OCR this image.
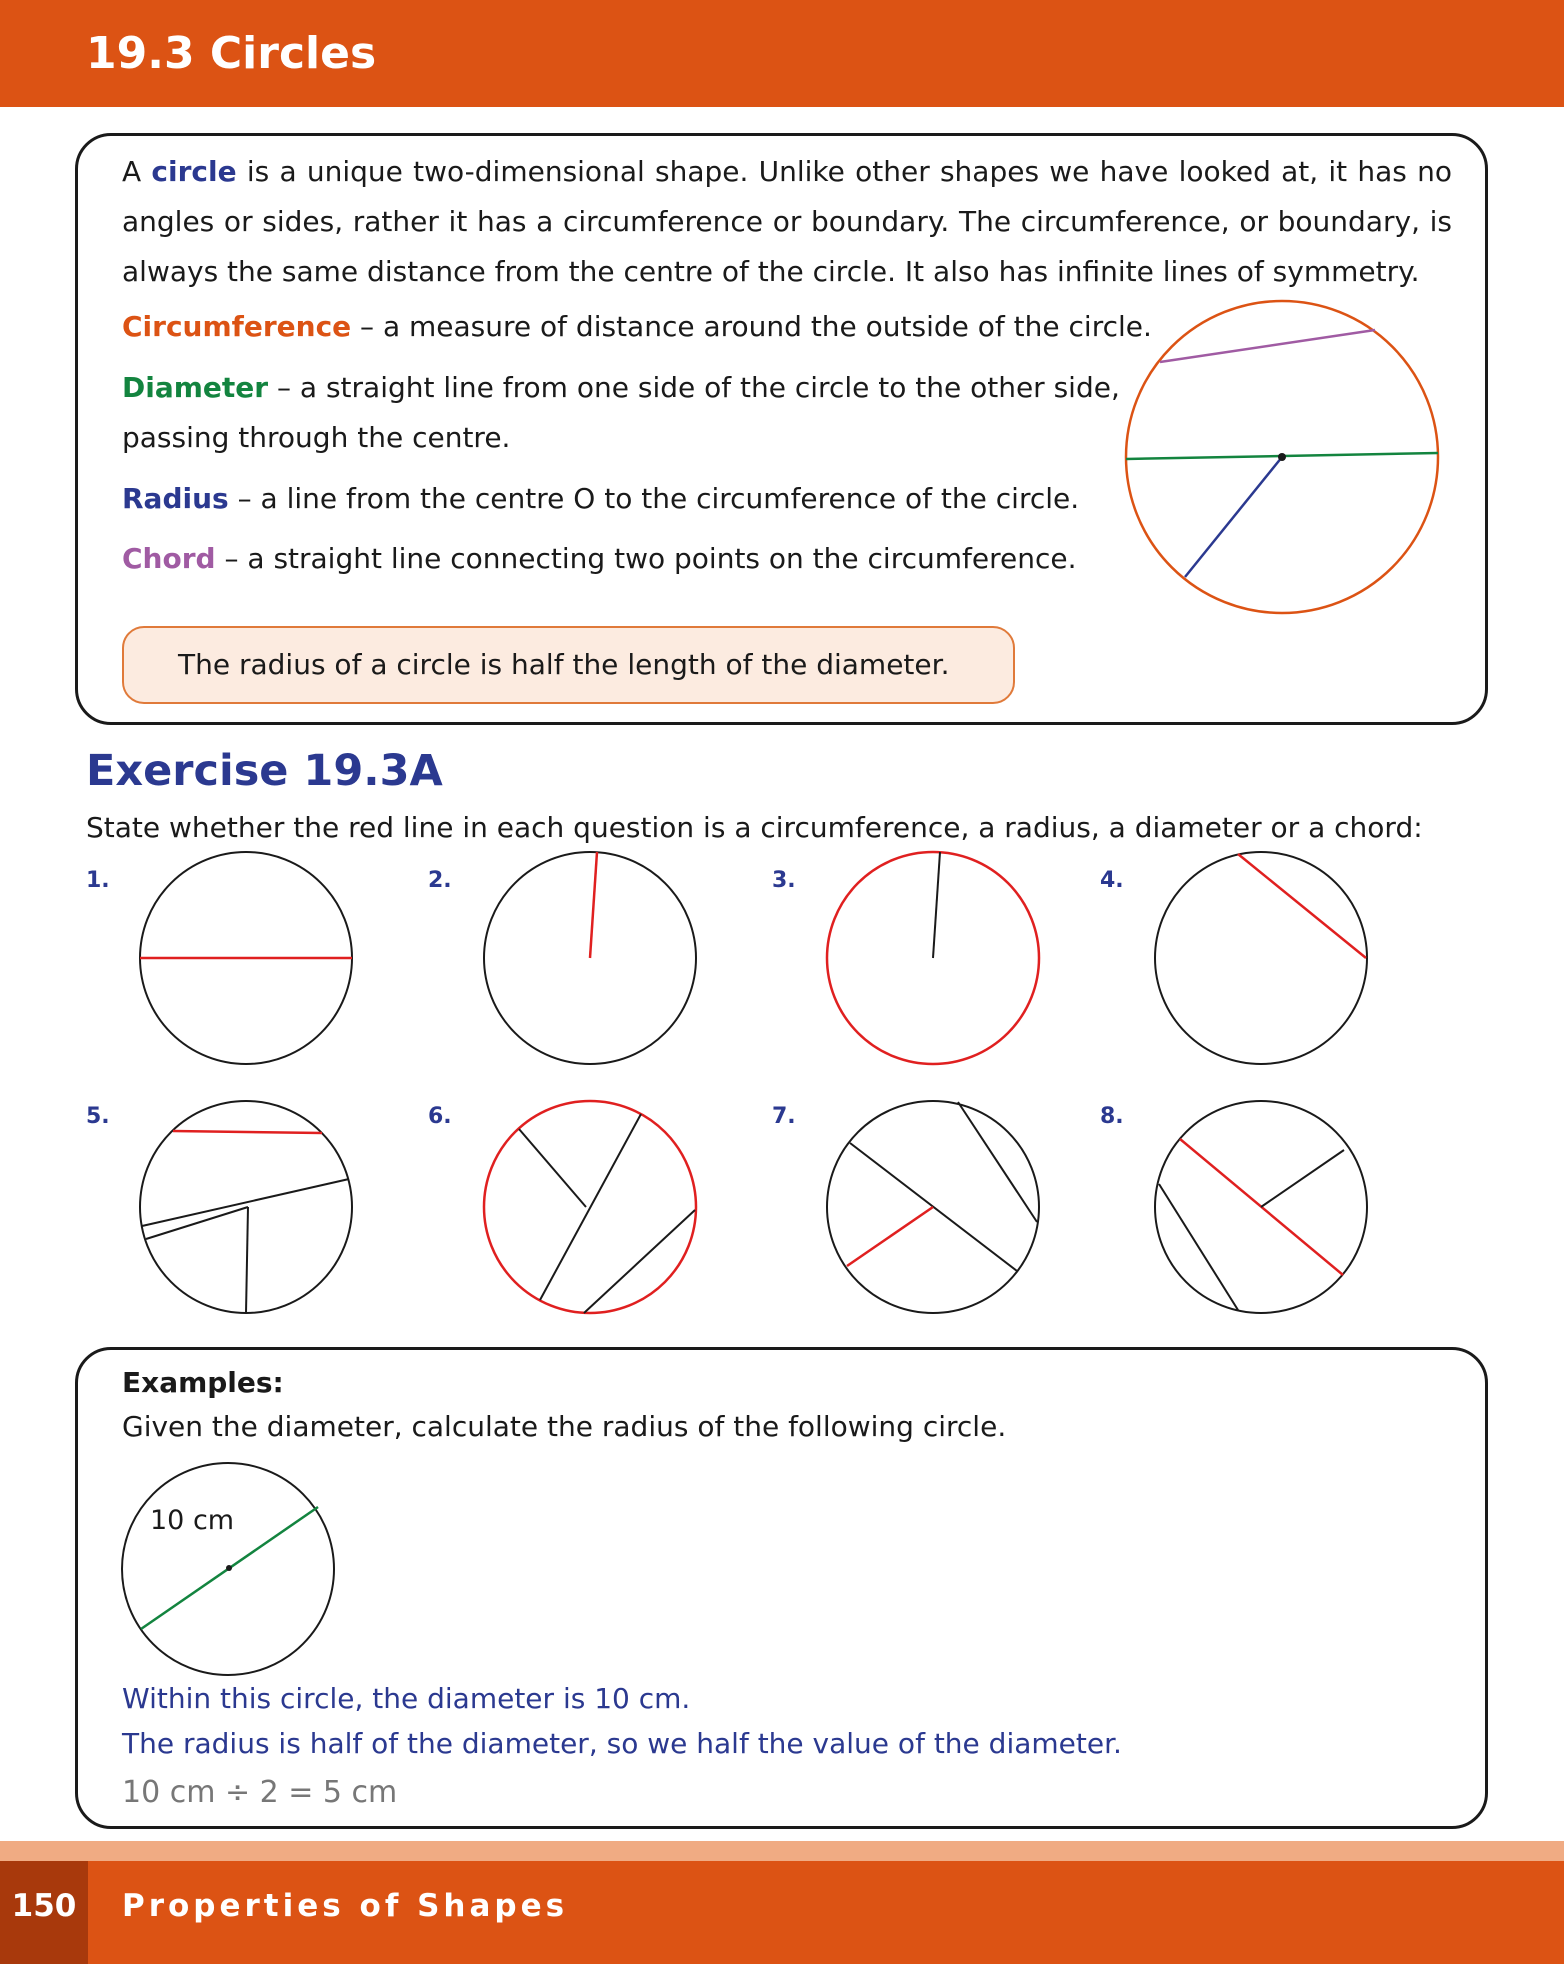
19.3 Circles

A circle is a unique two-dimensional shape. Unlike other shapes we have looked at, it has no angles or sides, rather it has a circumference or boundary. The circumference, or boundary, is always the same distance from the centre of the circle. It also has infinite lines of symmetry.

Circumference – a measure of distance around the outside of the circle.

Diameter – a straight line from one side of the circle to the other side, passing through the centre.

Radius – a line from the centre O to the circumference of the circle.

Chord – a straight line connecting two points on the circumference.

The radius of a circle is half the length of the diameter.
Exercise 19.3A
State whether the red line in each question is a circumference, a radius, a diameter or a chord:
1.	2.	3.	4.
5.	6.	7.	8.
Examples:
Given the diameter, calculate the radius of the following circle.
10 cm
Within this circle, the diameter is 10 cm.
The radius is half of the diameter, so we half the value of the diameter.
10 cm ÷ 2 = 5 cm
150	Properties of Shapes
